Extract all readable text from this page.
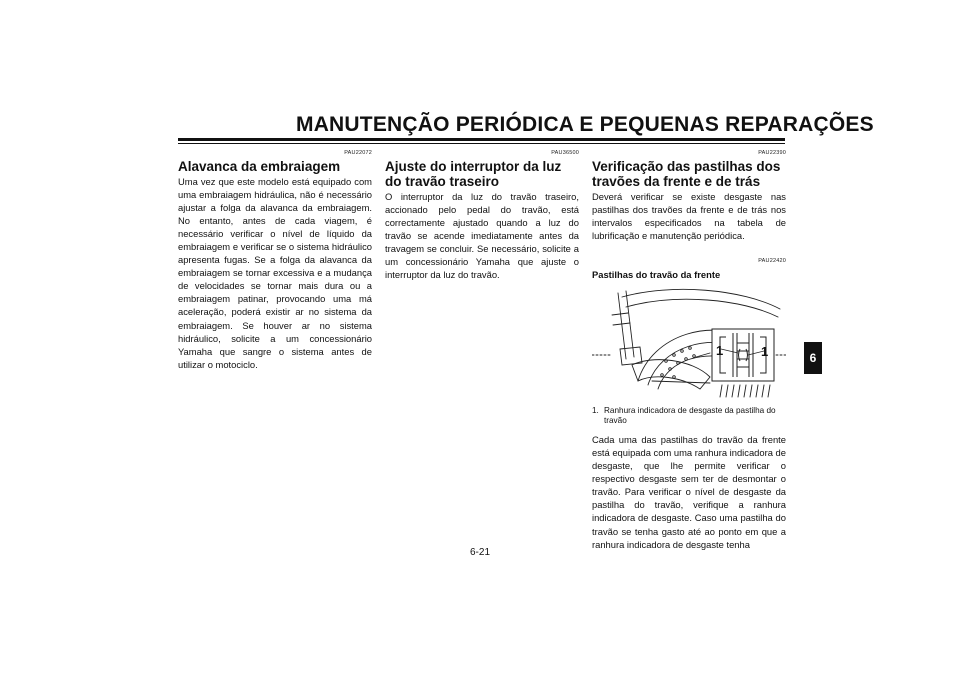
MANUTENÇÃO PERIÓDICA E PEQUENAS REPARAÇÕES
PAU22072
Alavanca da embraiagem
Uma vez que este modelo está equipado com uma embraiagem hidráulica, não é necessário ajustar a folga da alavanca da embraiagem. No entanto, antes de cada viagem, é necessário verificar o nível de líquido da embraiagem e verificar se o sistema hidráulico apresenta fugas. Se a folga da alavanca da embraiagem se tornar excessiva e a mudança de velocidades se tornar mais dura ou a embraiagem patinar, provocando uma má aceleração, poderá existir ar no sistema da embraiagem. Se houver ar no sistema hidráulico, solicite a um concessionário Yamaha que sangre o sistema antes de utilizar o motociclo.
PAU36500
Ajuste do interruptor da luz do travão traseiro
O interruptor da luz do travão traseiro, accionado pelo pedal do travão, está correctamente ajustado quando a luz do travão se acende imediatamente antes da travagem se concluir. Se necessário, solicite a um concessionário Yamaha que ajuste o interruptor da luz do travão.
PAU22390
Verificação das pastilhas dos travões da frente e de trás
Deverá verificar se existe desgaste nas pastilhas dos travões da frente e de trás nos intervalos especificados na tabela de lubrificação e manutenção periódica.
PAU22420
Pastilhas do travão da frente
1	1
1. Ranhura indicadora de desgaste da pastilha do travão
Cada uma das pastilhas do travão da frente está equipada com uma ranhura indicadora de desgaste, que lhe permite verificar o respectivo desgaste sem ter de desmontar o travão. Para verificar o nível de desgaste da pastilha do travão, verifique a ranhura indicadora de desgaste. Caso uma pastilha do travão se tenha gasto até ao ponto em que a ranhura indicadora de desgaste tenha
6
6-21
